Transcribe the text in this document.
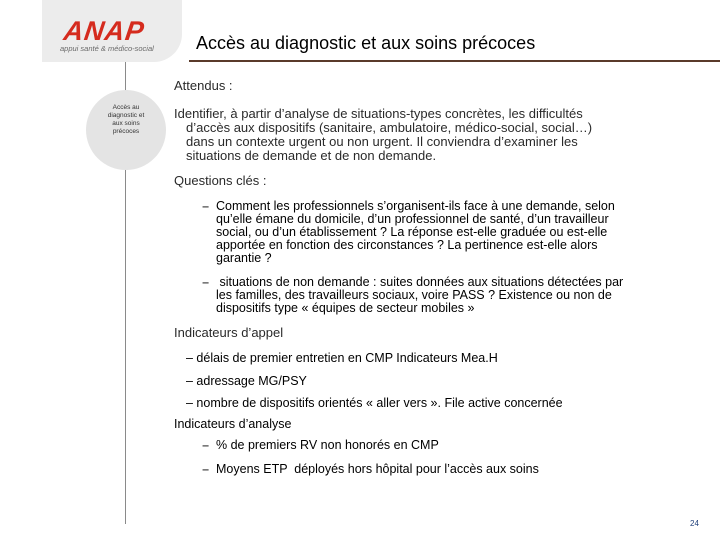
ANAP
appui santé & médico-social Accès au diagnostic et aux soins précoces
Accès au
diagnostic et
aux soins
précoces
Attendus :
Identifier, à partir d’analyse de situations-types concrètes, les difficultés
d’accès aux dispositifs (sanitaire, ambulatoire, médico-social, social…)
dans un contexte urgent ou non urgent. Il conviendra d’examiner les
situations de demande et de non demande.
Questions clés :
− Comment les professionnels s’organisent-ils face à une demande, selon
qu’elle émane du domicile, d’un professionnel de santé, d’un travailleur
social, ou d’un établissement ? La réponse est-elle graduée ou est-elle
apportée en fonction des circonstances ? La pertinence est-elle alors
garantie ?
− situations de non demande : suites données aux situations détectées par
les familles, des travailleurs sociaux, voire PASS ? Existence ou non de
dispositifs type « équipes de secteur mobiles »
Indicateurs d’appel
– délais de premier entretien en CMP Indicateurs Mea.H
– adressage MG/PSY
– nombre de dispositifs orientés « aller vers ». File active concernée
Indicateurs d’analyse
− % de premiers RV non honorés en CMP
− Moyens ETP  déployés hors hôpital pour l’accès aux soins
24
